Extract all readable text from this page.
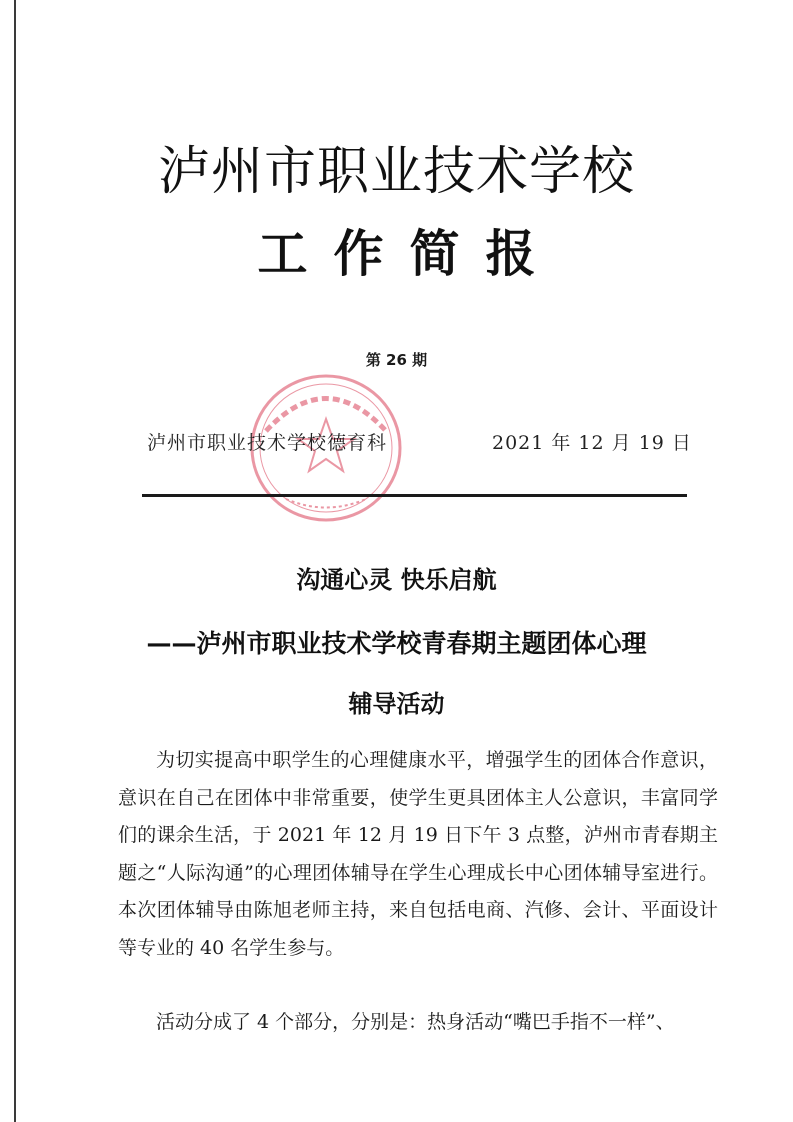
泸州市职业技术学校
工作简报
第 26 期
泸州市职业技术学校德育科	2021 年 12 月 19 日
沟通心灵 快乐启航
——泸州市职业技术学校青春期主题团体心理
辅导活动

为切实提高中职学生的心理健康水平，增强学生的团体合作意识，意识在自己在团体中非常重要，使学生更具团体主人公意识，丰富同学们的课余生活，于 2021 年 12 月 19 日下午 3 点整，泸州市青春期主题之“人际沟通”的心理团体辅导在学生心理成长中心团体辅导室进行。本次团体辅导由陈旭老师主持，来自包括电商、汽修、会计、平面设计等专业的 40 名学生参与。

活动分成了 4 个部分，分别是：热身活动“嘴巴手指不一样”、
